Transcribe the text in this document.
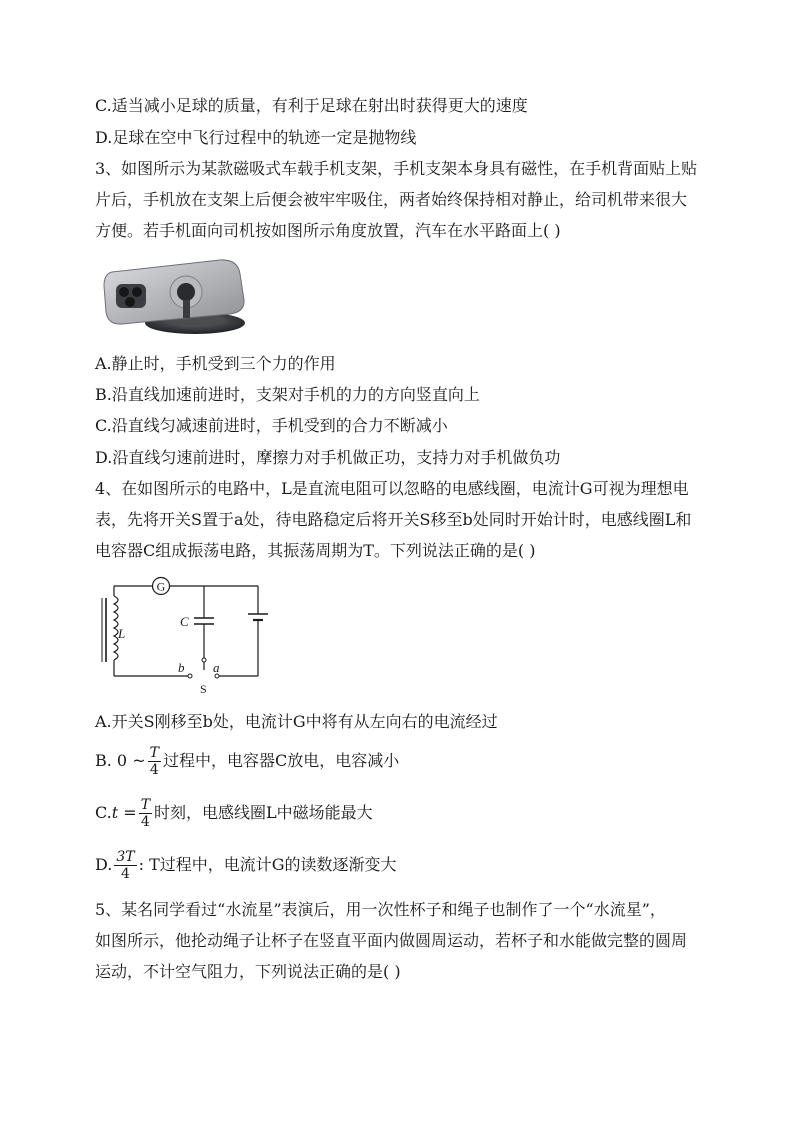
C.适当减小足球的质量，有利于足球在射出时获得更大的速度
D.足球在空中飞行过程中的轨迹一定是抛物线
3、如图所示为某款磁吸式车载手机支架，手机支架本身具有磁性，在手机背面贴上贴
片后，手机放在支架上后便会被牢牢吸住，两者始终保持相对静止，给司机带来很大
方便。若手机面向司机按如图所示角度放置，汽车在水平路面上( )
A.静止时，手机受到三个力的作用
B.沿直线加速前进时，支架对手机的力的方向竖直向上
C.沿直线匀减速前进时，手机受到的合力不断减小
D.沿直线匀速前进时，摩擦力对手机做正功，支持力对手机做负功
4、在如图所示的电路中，L是直流电阻可以忽略的电感线圈，电流计G可视为理想电
表，先将开关S置于a处，待电路稳定后将开关S移至b处同时开始计时，电感线圈L和
电容器C组成振荡电路，其振荡周期为T。下列说法正确的是( )
G
L
C
b a
S
A.开关S刚移至b处，电流计G中将有从左向右的电流经过
B. 0 ~ $\frac{T}{4}$ 过程中，电容器C放电，电容减小
$C.t = \frac{T}{4}$ 时刻，电感线圈L中磁场能最大
D. $\frac{3T}{4}$ : T过程中，电流计G的读数逐渐变大
5、某名同学看过“水流星”表演后，用一次性杯子和绳子也制作了一个“水流星”，
如图所示，他抡动绳子让杯子在竖直平面内做圆周运动，若杯子和水能做完整的圆周
运动，不计空气阻力，下列说法正确的是( )
